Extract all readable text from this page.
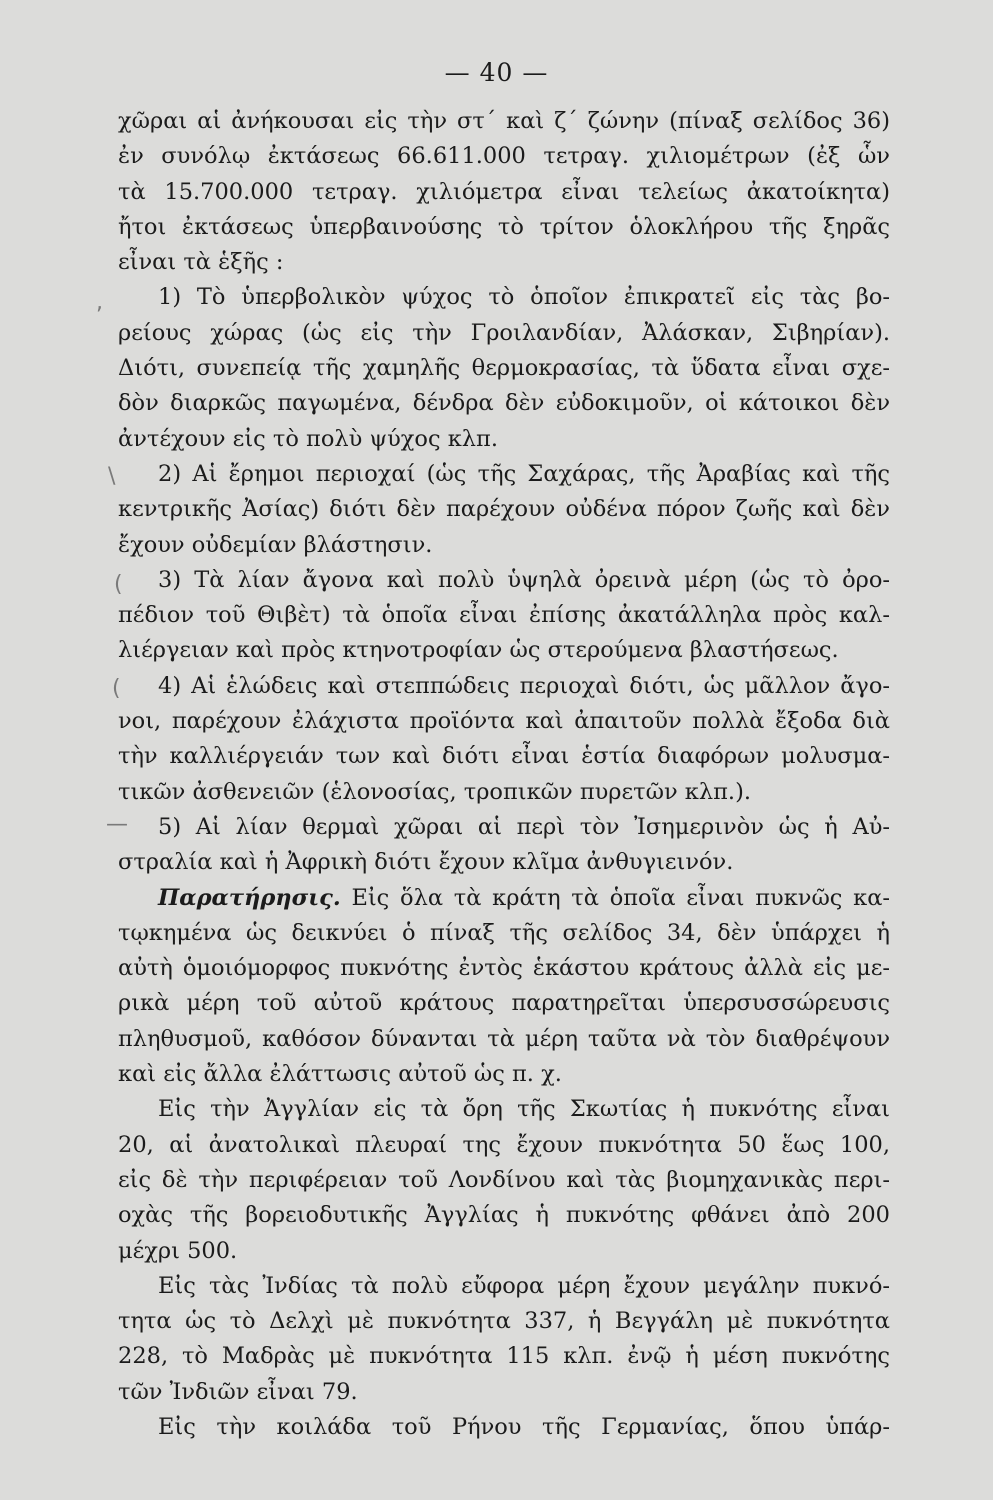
— 40 —
,
\
(
(
—
χῶραι αἱ ἀνήκουσαι εἰς τὴν στ΄ καὶ ζ΄ ζώνην (πίναξ σελίδος 36)
ἐν συνόλῳ ἐκτάσεως 66.611.000 τετραγ. χιλιομέτρων (ἐξ ὧν
τὰ 15.700.000 τετραγ. χιλιόμετρα εἶναι τελείως ἀκατοίκητα)
ἤτοι ἐκτάσεως ὑπερβαινούσης τὸ τρίτον ὁλοκλήρου τῆς ξηρᾶς
εἶναι τὰ ἑξῆς :
1) Τὸ ὑπερβολικὸν ψύχος τὸ ὁποῖον ἐπικρατεῖ εἰς τὰς βο-
ρείους χώρας (ὡς εἰς τὴν Γροιλανδίαν, Ἀλάσκαν, Σιβηρίαν).
Διότι, συνεπείᾳ τῆς χαμηλῆς θερμοκρασίας, τὰ ὕδατα εἶναι σχε-
δὸν διαρκῶς παγωμένα, δένδρα δὲν εὐδοκιμοῦν, οἱ κάτοικοι δὲν
ἀντέχουν εἰς τὸ πολὺ ψύχος κλπ.
2) Αἱ ἔρημοι περιοχαί (ὡς τῆς Σαχάρας, τῆς Ἀραβίας καὶ τῆς
κεντρικῆς Ἀσίας) διότι δὲν παρέχουν οὐδένα πόρον ζωῆς καὶ δὲν
ἔχουν οὐδεμίαν βλάστησιν.
3) Τὰ λίαν ἄγονα καὶ πολὺ ὑψηλὰ ὀρεινὰ μέρη (ὡς τὸ ὀρο-
πέδιον τοῦ Θιβὲτ) τὰ ὁποῖα εἶναι ἐπίσης ἀκατάλληλα πρὸς καλ-
λιέργειαν καὶ πρὸς κτηνοτροφίαν ὡς στερούμενα βλαστήσεως.
4) Αἱ ἑλώδεις καὶ στεππώδεις περιοχαὶ διότι, ὡς μᾶλλον ἄγο-
νοι, παρέχουν ἐλάχιστα προϊόντα καὶ ἀπαιτοῦν πολλὰ ἔξοδα διὰ
τὴν καλλιέργειάν των καὶ διότι εἶναι ἑστία διαφόρων μολυσμα-
τικῶν ἀσθενειῶν (ἑλονοσίας, τροπικῶν πυρετῶν κλπ.).
5) Αἱ λίαν θερμαὶ χῶραι αἱ περὶ τὸν Ἰσημερινὸν ὡς ἡ Αὐ-
στραλία καὶ ἡ Ἀφρικὴ διότι ἔχουν κλῖμα ἀνθυγιεινόν.
Παρατήρησις. Εἰς ὅλα τὰ κράτη τὰ ὁποῖα εἶναι πυκνῶς κα-
τῳκημένα ὡς δεικνύει ὁ πίναξ τῆς σελίδος 34, δὲν ὑπάρχει ἡ
αὐτὴ ὁμοιόμορφος πυκνότης ἐντὸς ἑκάστου κράτους ἀλλὰ εἰς με-
ρικὰ μέρη τοῦ αὐτοῦ κράτους παρατηρεῖται ὑπερσυσσώρευσις
πληθυσμοῦ, καθόσον δύνανται τὰ μέρη ταῦτα νὰ τὸν διαθρέψουν
καὶ εἰς ἄλλα ἐλάττωσις αὐτοῦ ὡς π. χ.
Εἰς τὴν Ἀγγλίαν εἰς τὰ ὄρη τῆς Σκωτίας ἡ πυκνότης εἶναι
20, αἱ ἀνατολικαὶ πλευραί της ἔχουν πυκνότητα 50 ἕως 100,
εἰς δὲ τὴν περιφέρειαν τοῦ Λονδίνου καὶ τὰς βιομηχανικὰς περι-
οχὰς τῆς βορειοδυτικῆς Ἀγγλίας ἡ πυκνότης φθάνει ἀπὸ 200
μέχρι 500.
Εἰς τὰς Ἰνδίας τὰ πολὺ εὔφορα μέρη ἔχουν μεγάλην πυκνό-
τητα ὡς τὸ Δελχὶ μὲ πυκνότητα 337, ἡ Βεγγάλη μὲ πυκνότητα
228, τὸ Μαδρὰς μὲ πυκνότητα 115 κλπ. ἐνῷ ἡ μέση πυκνότης
τῶν Ἰνδιῶν εἶναι 79.
Εἰς τὴν κοιλάδα τοῦ Ρήνου τῆς Γερμανίας, ὅπου ὑπάρ-
